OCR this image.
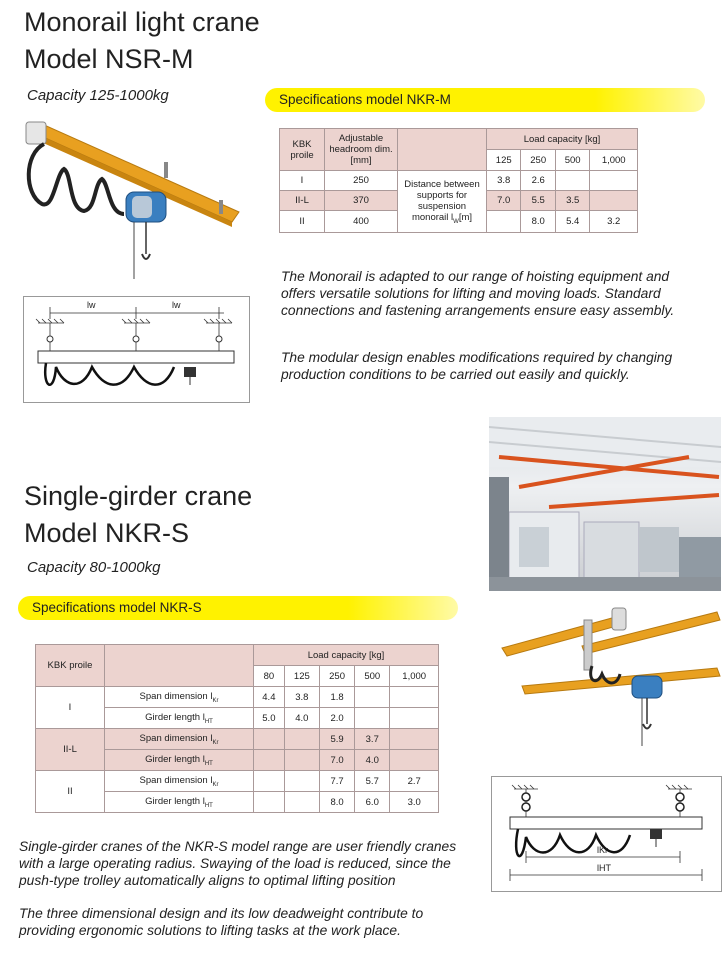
Monorail light crane
Model NSR-M
Capacity 125-1000kg	Specifications model NKR-M
KBK proile	Adjustable headroom dim. [mm]		Load capacity [kg]			
			125	250	500	1,000
I	250	Distance between supports for suspension monorail $l_W[m]$	3.8	2.6		
II-L	370		7.0	5.5	3.5	
II	400			8.0	5.4	3.2
lw	lw
The Monorail is adapted to our range of hoisting equipment and offers versatile solutions for lifting and moving loads. Standard connections and fastening arrangements ensure easy assembly.
The modular design enables modifications required by changing production conditions to be carried out easily and quickly.
Single-girder crane
Model NKR-S
Capacity 80-1000kg
Specifications model NKR-S
KBK proile		Load capacity [kg]				
		80	125	250	500	1,000
I	Span dimension $l_{Kr}$	4.4	3.8	1.8		
	Girder length $l_{HT}$	5.0	4.0	2.0		
II-L	Span dimension $l_{Kr}$			5.9	3.7	
	Girder length $l_{HT}$			7.0	4.0	
II	Span dimension $l_{Kr}$			7.7	5.7	2.7
	Girder length $l_{HT}$			8.0	6.0	3.0
lKr
lHT
Single-girder cranes of the NKR-S model range are user friendly cranes with a large operating radius. Swaying of the load is reduced, since the push-type trolley automatically aligns to optimal lifting position
The three dimensional design and its low deadweight contribute to providing ergonomic solutions to lifting tasks at the work place.
